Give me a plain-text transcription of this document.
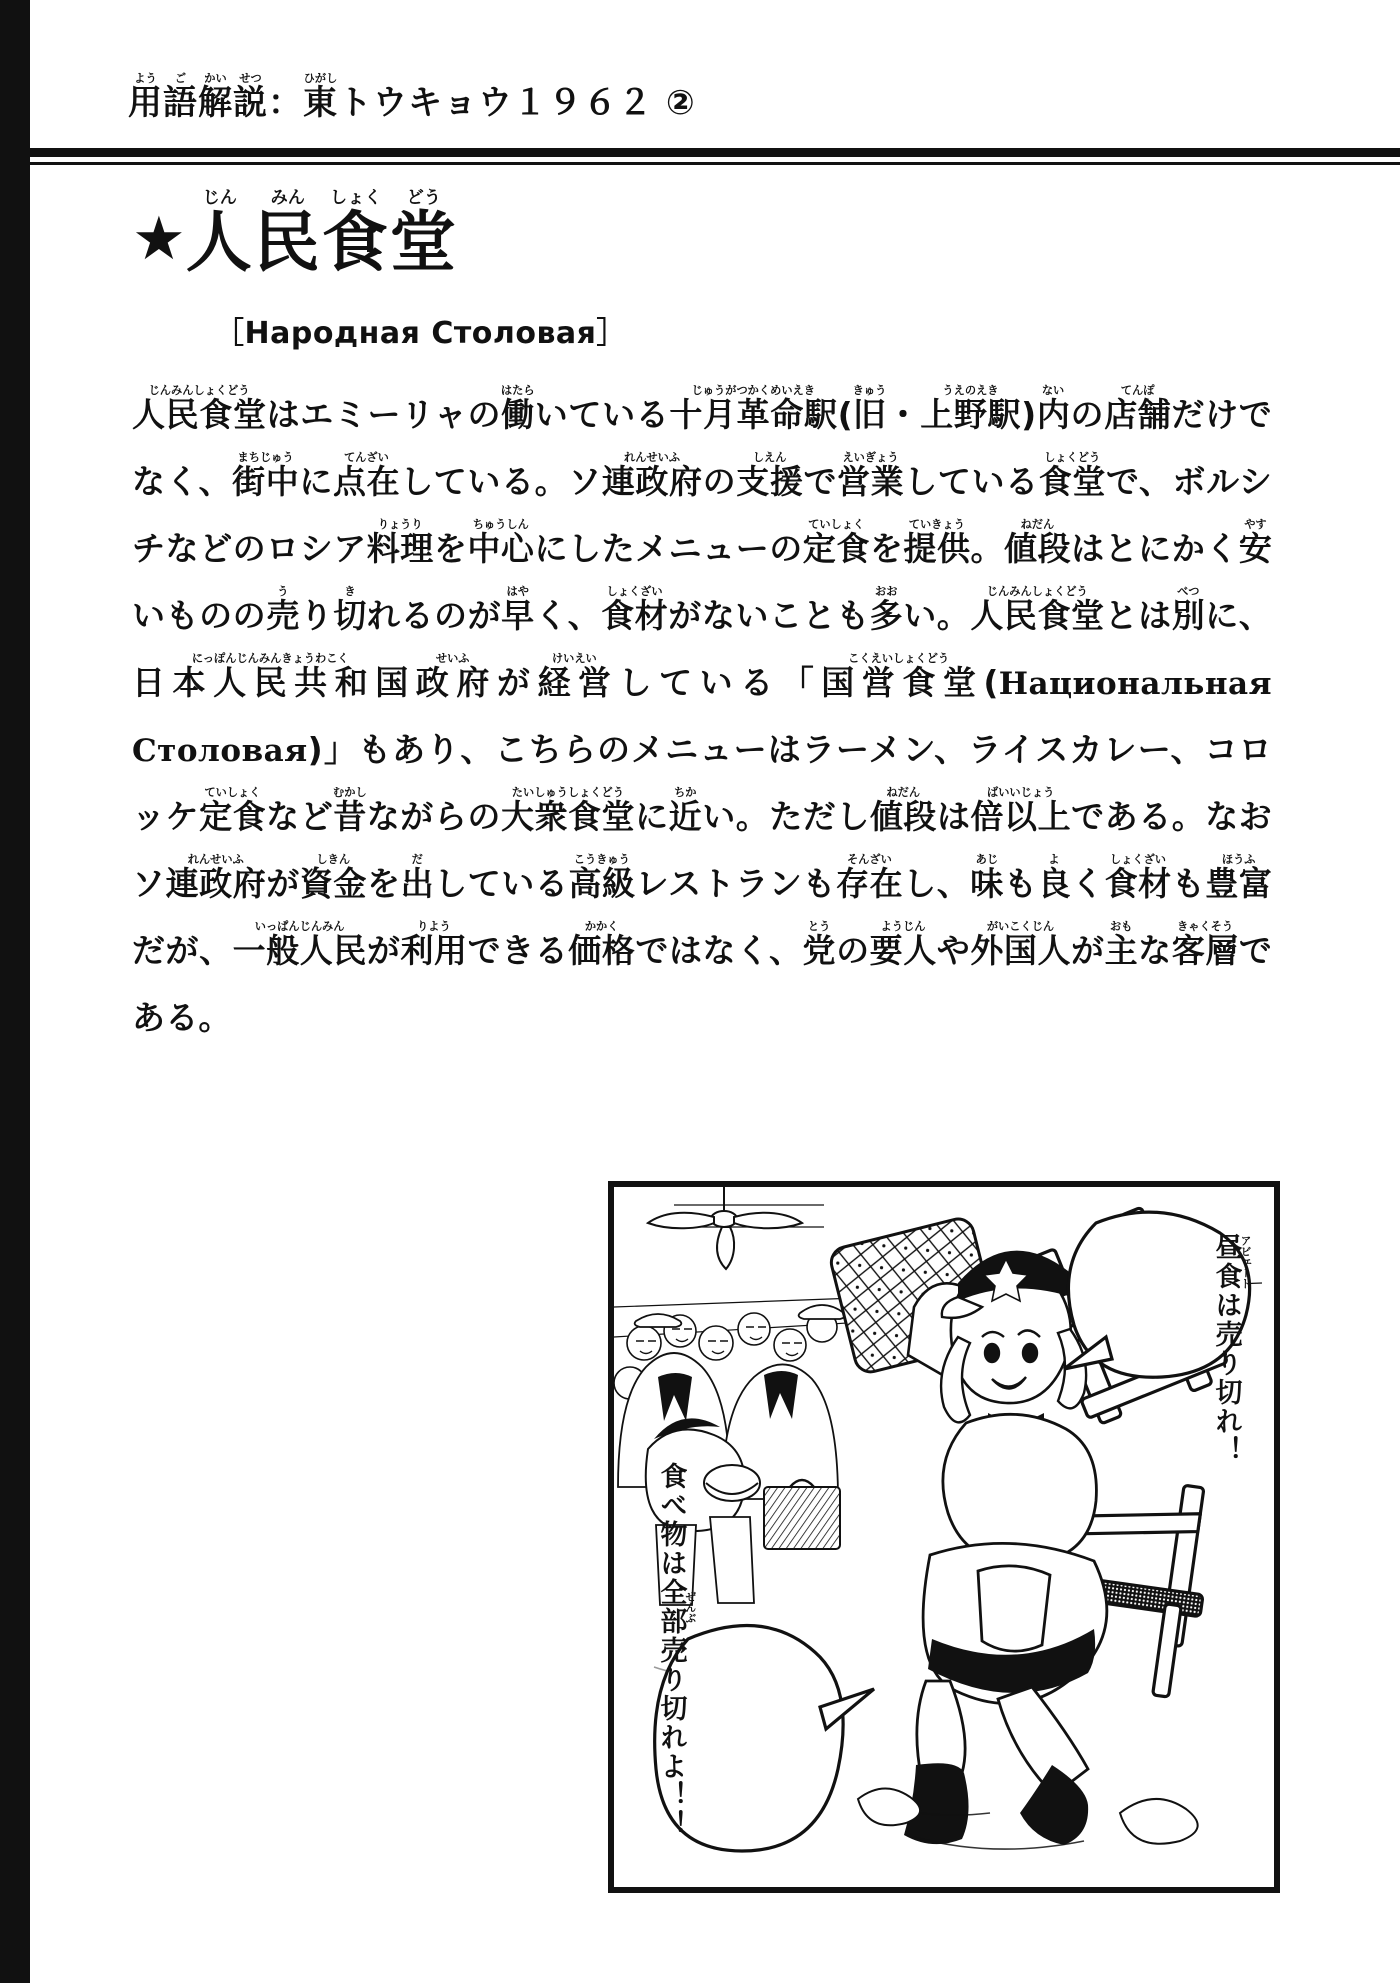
用よう語ご解かい説せつ：東ひがしトウキョウ１９６２ ②
★人じん民みん食しょく堂どう
［Народная Столовая］
人民食堂じんみんしょくどうはエミーリャの働はたらいている十月革命駅じゅうがつかくめいえき(旧きゅう・上野駅うえのえき)内ないの店舗てんぽだけでなく、街中まちじゅうに点在てんざいしている。ソ連政府れんせいふの支援しえんで営業えいぎょうしている食堂しょくどうで、ボルシチなどのロシア料理りょうりを中心ちゅうしんにしたメニューの定食ていしょくを提供ていきょう。値段ねだんはとにかく安やすいものの売うり切きれるのが早はやく、食材しょくざいがないことも多おおい。人民食堂じんみんしょくどうとは別べつに、日本人民共和国にっぽんじんみんきょうわこく政府せいふが経営けいえいしている「国営食堂こくえいしょくどう(Национальная Столовая)」もあり、こちらのメニューはラーメン、ライスカレー、コロッケ定食ていしょくなど昔むかしながらの大衆食堂たいしゅうしょくどうに近ちかい。ただし値段ねだんは倍以上ばいいじょうである。なおソ連政府れんせいふが資金しきんを出だしている高級こうきゅうレストランも存在そんざいし、味あじも良よく食材しょくざいも豊富ほうふだが、一般人民いっぱんじんみんが利用りようできる価格かかくではなく、党とうの要人ようじんや外国人がいこくじんが主おもな客層きゃくそうである。
昼食アビェートは売り切れ！
食べ物は全部ぜんぶ売り切れよ！！
